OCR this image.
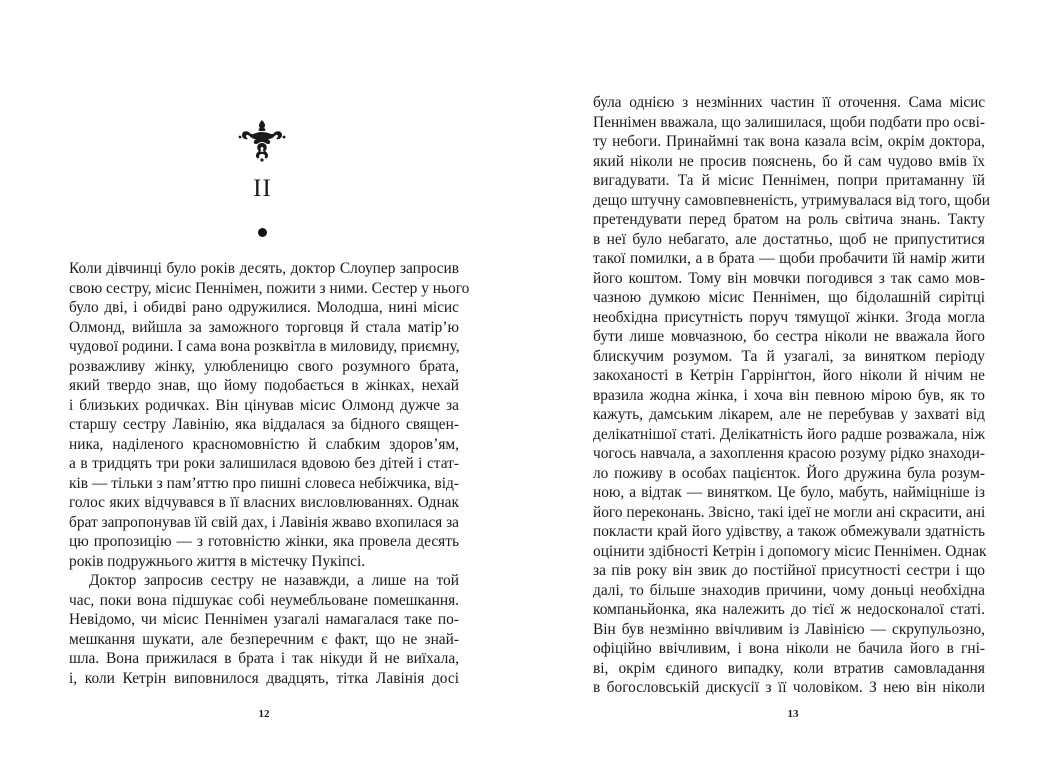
II
Коли дівчинці було років десять, доктор Слоупер запросив
свою сестру, місис Пеннімен, пожити з ними. Сестер у нього
було дві, і обидві рано одружилися. Молодша, нині місис
Олмонд, вийшла за заможного торговця й стала матір’ю
чудової родини. І сама вона розквітла в миловиду, приємну,
розважливу жінку, улюбленицю свого розумного брата,
який твердо знав, що йому подобається в жінках, нехай
і близьких родичках. Він цінував місис Олмонд дужче за
старшу сестру Лавінію, яка віддалася за бідного священ-
ника, наділеного красномовністю й слабким здоров’ям,
а в тридцять три роки залишилася вдовою без дітей і стат-
ків — тільки з пам’яттю про пишні словеса небіжчика, від-
голос яких відчувався в її власних висловлюваннях. Однак
брат запропонував їй свій дах, і Лавінія жваво вхопилася за
цю пропозицію — з готовністю жінки, яка провела десять
років подружнього життя в містечку Пукіпсі.
Доктор запросив сестру не назавжди, а лише на той
час, поки вона підшукає собі неумебльоване помешкання.
Невідомо, чи місис Пеннімен узагалі намагалася таке по-
мешкання шукати, але безперечним є факт, що не знай-
шла. Вона прижилася в брата і так нікуди й не виїхала,
і, коли Кетрін виповнилося двадцять, тітка Лавінія досі
12
була однією з незмінних частин її оточення. Сама місис
Пеннімен вважала, що залишилася, щоби подбати про осві-
ту небоги. Принаймні так вона казала всім, окрім доктора,
який ніколи не просив пояснень, бо й сам чудово вмів їх
вигадувати. Та й місис Пеннімен, попри притаманну їй
дещо штучну самовпевненість, утримувалася від того, щоби
претендувати перед братом на роль світича знань. Такту
в неї було небагато, але достатньо, щоб не припуститися
такої помилки, а в брата — щоби пробачити їй намір жити
його коштом. Тому він мовчки погодився з так само мов-
чазною думкою місис Пеннімен, що бідолашній сирітці
необхідна присутність поруч тямущої жінки. Згода могла
бути лише мовчазною, бо сестра ніколи не вважала його
блискучим розумом. Та й узагалі, за винятком періоду
закоханості в Кетрін Гаррінґтон, його ніколи й нічим не
вразила жодна жінка, і хоча він певною мірою був, як то
кажуть, дамським лікарем, але не перебував у захваті від
делікатнішої статі. Делікатність його радше розважала, ніж
чогось навчала, а захоплення красою розуму рідко знаходи-
ло поживу в особах пацієнток. Його дружина була розум-
ною, а відтак — винятком. Це було, мабуть, найміцніше із
його переконань. Звісно, такі ідеї не могли ані скрасити, ані
покласти край його удівству, а також обмежували здатність
оцінити здібності Кетрін і допомогу місис Пеннімен. Однак
за пів року він звик до постійної присутності сестри і що
далі, то більше знаходив причини, чому доньці необхідна
компаньйонка, яка належить до тієї ж недосконалої статі.
Він був незмінно ввічливим із Лавінією — скрупульозно,
офіційно ввічливим, і вона ніколи не бачила його в гні-
ві, окрім єдиного випадку, коли втратив самовладання
в богословській дискусії з її чоловіком. З нею він ніколи
13
